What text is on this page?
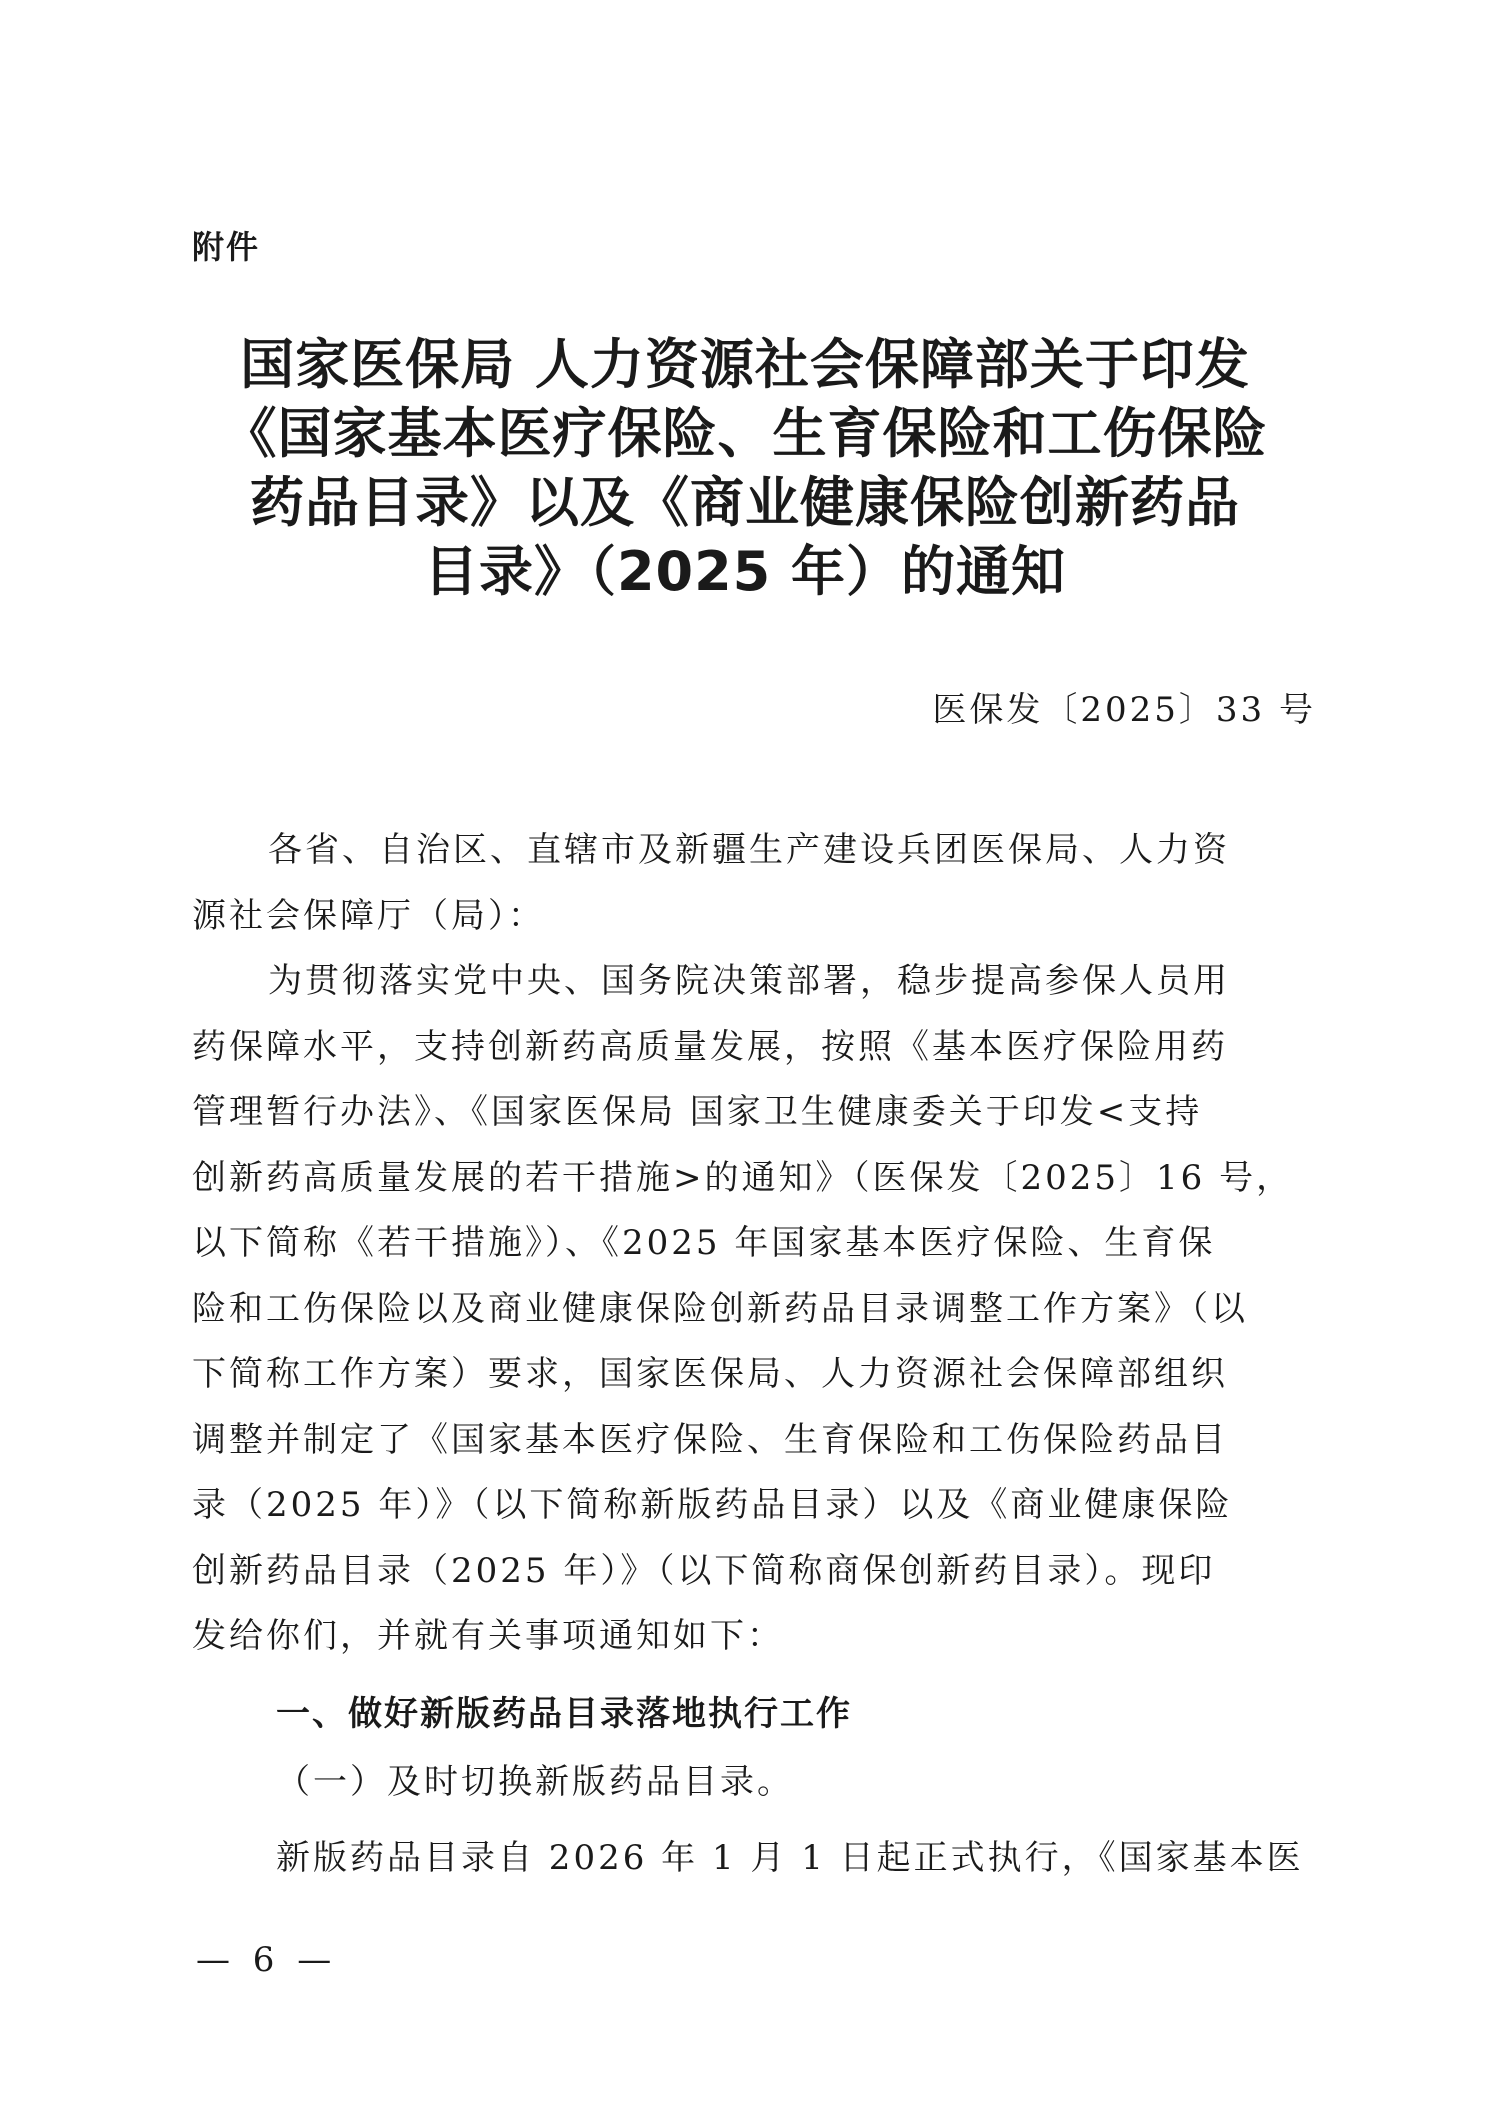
附件
国家医保局 人力资源社会保障部关于印发
《国家基本医疗保险、生育保险和工伤保险
药品目录》以及《商业健康保险创新药品
目录》（2025 年）的通知
医保发〔2025〕33 号
各省、自治区、直辖市及新疆生产建设兵团医保局、人力资
源社会保障厅（局）：
为贯彻落实党中央、国务院决策部署，稳步提高参保人员用
药保障水平，支持创新药高质量发展，按照《基本医疗保险用药
管理暂行办法》、《国家医保局 国家卫生健康委关于印发<支持
创新药高质量发展的若干措施>的通知》（医保发〔2025〕16 号，
以下简称《若干措施》）、《2025 年国家基本医疗保险、生育保
险和工伤保险以及商业健康保险创新药品目录调整工作方案》（以
下简称工作方案）要求，国家医保局、人力资源社会保障部组织
调整并制定了《国家基本医疗保险、生育保险和工伤保险药品目
录（2025 年）》（以下简称新版药品目录）以及《商业健康保险
创新药品目录（2025 年）》（以下简称商保创新药目录）。现印
发给你们，并就有关事项通知如下：
一、做好新版药品目录落地执行工作
（一）及时切换新版药品目录。
新版药品目录自 2026 年 1 月 1 日起正式执行，《国家基本医
— 6 —
